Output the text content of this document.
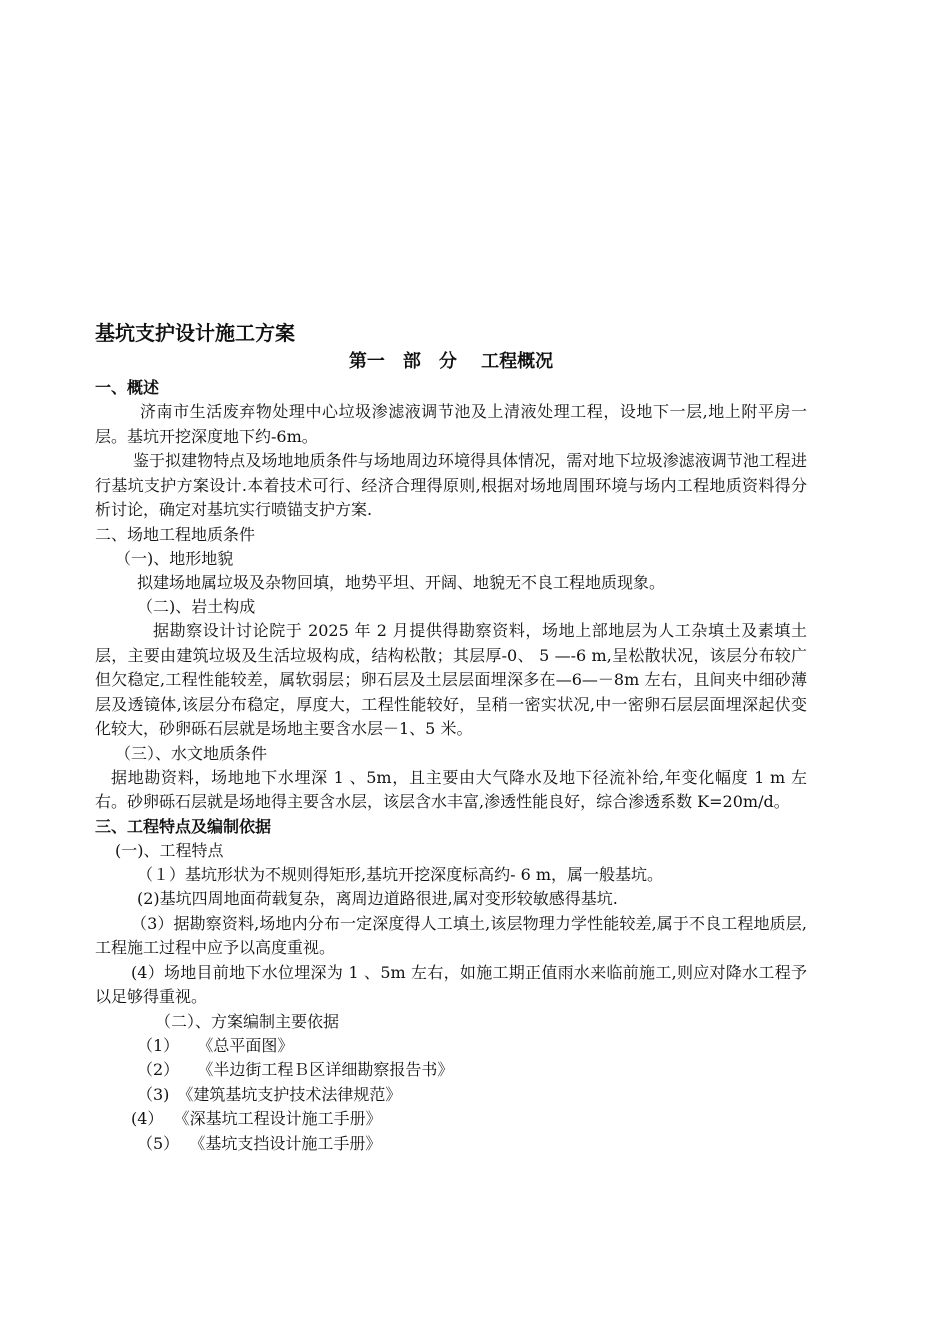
基坑支护设计施工方案
第一　部　分　 工程概况
一、概述

济南市生活废弃物处理中心垃圾渗滤液调节池及上清液处理工程，设地下一层,地上附平房一层。基坑开挖深度地下约-6m。

鉴于拟建物特点及场地地质条件与场地周边环境得具体情况，需对地下垃圾渗滤液调节池工程进行基坑支护方案设计.本着技术可行、经济合理得原则,根据对场地周围环境与场内工程地质资料得分析讨论，确定对基坑实行喷锚支护方案.

二、场地工程地质条件
（一)、地形地貌

拟建场地属垃圾及杂物回填，地势平坦、开阔、地貌无不良工程地质现象。

（二)、岩土构成

据勘察设计讨论院于 2025 年 2 月提供得勘察资料，场地上部地层为人工杂填土及素填土层，主要由建筑垃圾及生活垃圾构成，结构松散；其层厚-0、 5 —-6 m,呈松散状况，该层分布较广但欠稳定,工程性能较差，属软弱层；卵石层及土层层面埋深多在—6—－8m 左右，且间夹中细砂薄层及透镜体,该层分布稳定，厚度大，工程性能较好，呈稍一密实状况,中一密卵石层层面埋深起伏变化较大，砂卵砾石层就是场地主要含水层－1、5 米。

（三）、水文地质条件

据地勘资料，场地地下水埋深 1 、5m，且主要由大气降水及地下径流补给,年变化幅度 1 m 左右。砂卵砾石层就是场地得主要含水层，该层含水丰富,渗透性能良好，综合渗透系数 K=20m/d。

三、工程特点及编制依据
(一)、工程特点

（１）基坑形状为不规则得矩形,基坑开挖深度标高约- 6 m，属一般基坑。

(2)基坑四周地面荷载复杂，离周边道路很进,属对变形较敏感得基坑.

（3）据勘察资料,场地内分布一定深度得人工填土,该层物理力学性能较差,属于不良工程地质层,工程施工过程中应予以高度重视。

(4）场地目前地下水位埋深为 1 、5m 左右，如施工期正值雨水来临前施工,则应对降水工程予以足够得重视。

（二）、方案编制主要依据
（1）　  《总平面图》
（2）　  《半边街工程Ｂ区详细勘察报告书》
（3)　《建筑基坑支护技术法律规范》
(4）  《深基坑工程设计施工手册》
（5）  《基坑支挡设计施工手册》
